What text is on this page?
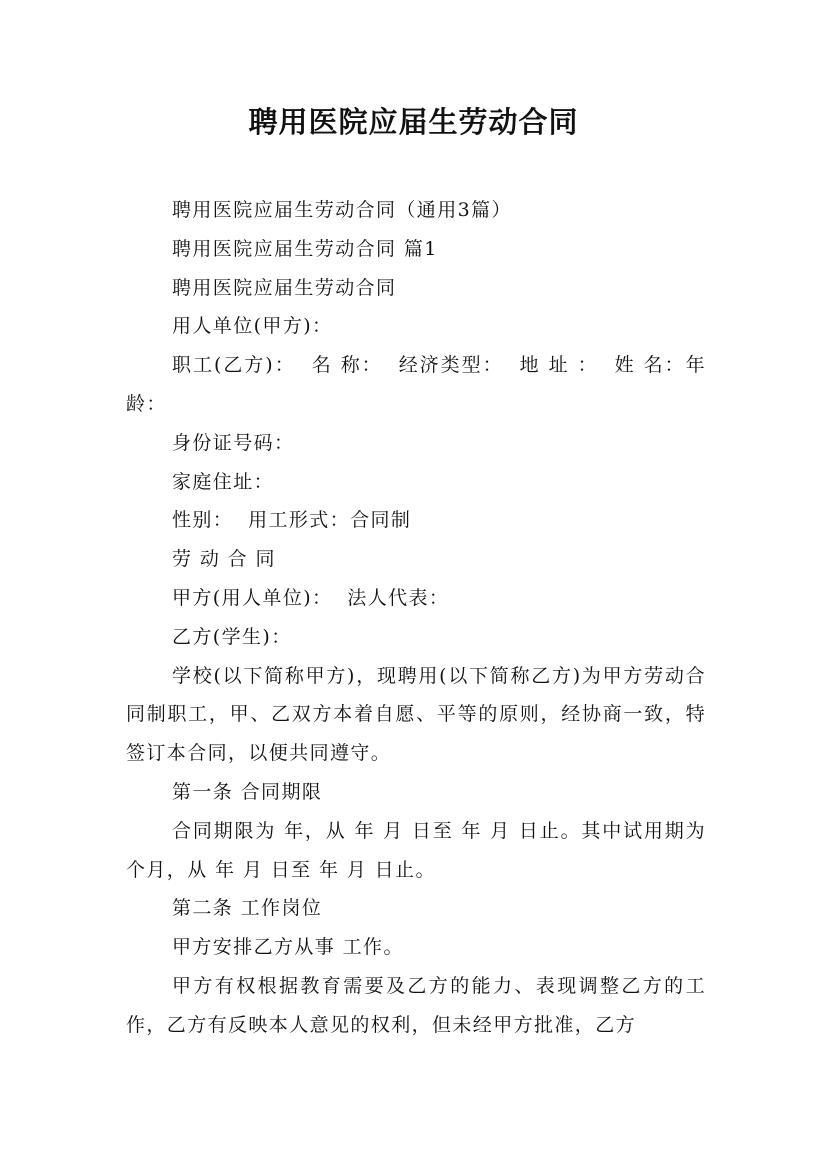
聘用医院应届生劳动合同

聘用医院应届生劳动合同（通用3篇）

聘用医院应届生劳动合同 篇1

聘用医院应届生劳动合同

用人单位(甲方)：

职工(乙方)：  名 称：  经济类型：  地 址 ：  姓 名：年 龄：

身份证号码：

家庭住址：

性别：  用工形式：合同制

劳 动 合 同

甲方(用人单位)：  法人代表：

乙方(学生)：

学校(以下简称甲方)，现聘用(以下简称乙方)为甲方劳动合同制职工，甲、乙双方本着自愿、平等的原则，经协商一致，特签订本合同，以便共同遵守。

第一条 合同期限

合同期限为 年，从 年 月 日至 年 月 日止。其中试用期为 个月，从 年 月 日至 年 月 日止。

第二条 工作岗位

甲方安排乙方从事 工作。

甲方有权根据教育需要及乙方的能力、表现调整乙方的工作，乙方有反映本人意见的权利，但未经甲方批准，乙方
